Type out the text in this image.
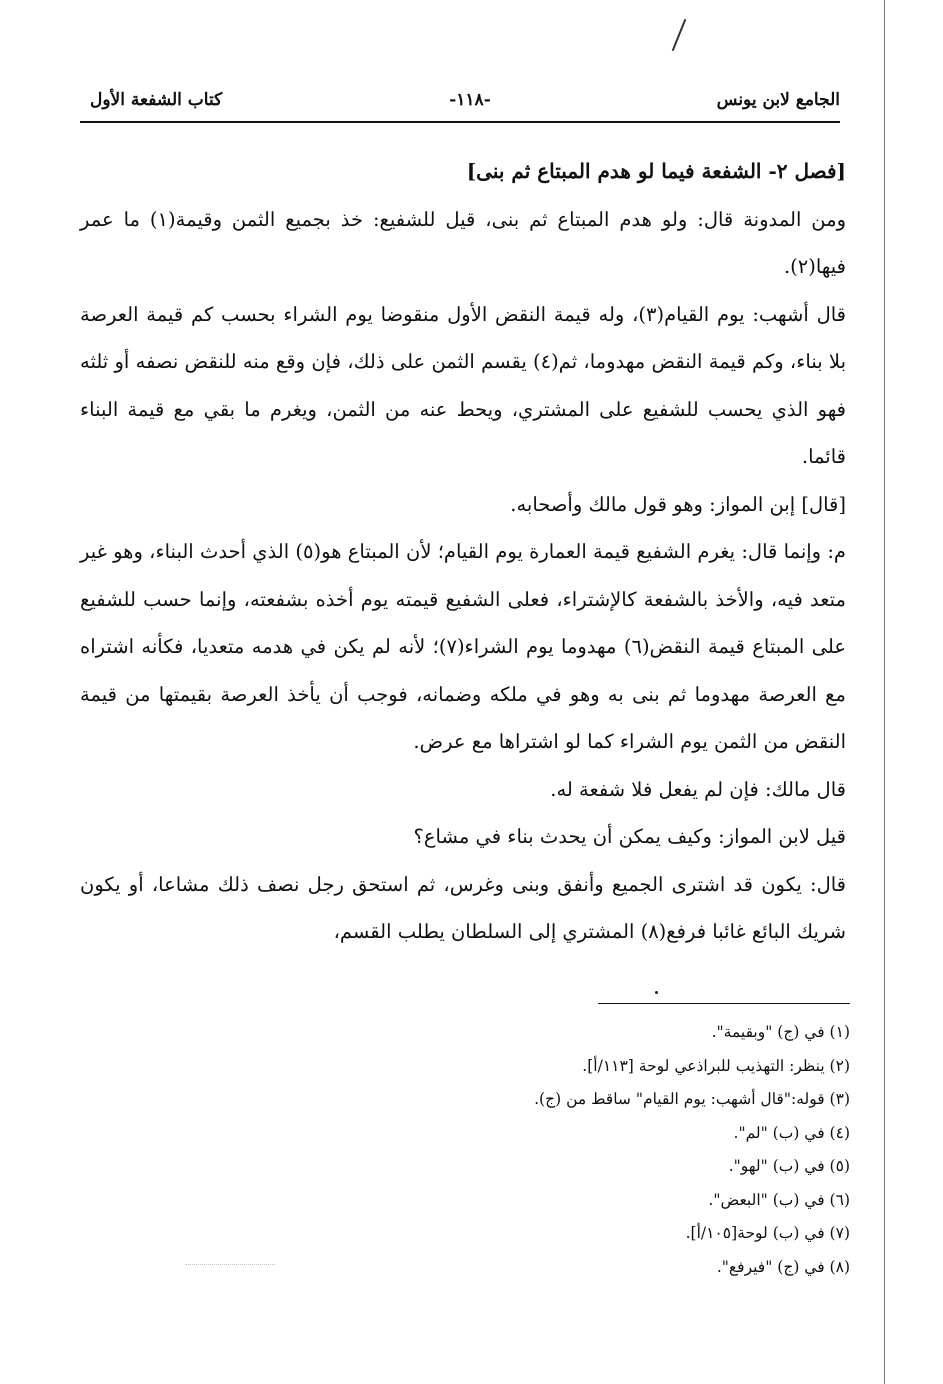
الجامع لابن يونس
-١١٨-
كتاب الشفعة الأول

[فصل ٢- الشفعة فيما لو هدم المبتاع ثم بنى]

ومن المدونة قال: ولو هدم المبتاع ثم بنى، قيل للشفيع: خذ بجميع الثمن وقيمة(١) ما عمر فيها(٢).

قال أشهب: يوم القيام(٣)، وله قيمة النقض الأول منقوضا يوم الشراء بحسب كم قيمة العرصة بلا بناء، وكم قيمة النقض مهدوما، ثم(٤) يقسم الثمن على ذلك، فإن وقع منه للنقض نصفه أو ثلثه فهو الذي يحسب للشفيع على المشتري، ويحط عنه من الثمن، ويغرم ما بقي مع قيمة البناء قائما.

[قال] إبن المواز: وهو قول مالك وأصحابه.

م: وإنما قال: يغرم الشفيع قيمة العمارة يوم القيام؛ لأن المبتاع هو(٥) الذي أحدث البناء، وهو غير متعد فيه، والأخذ بالشفعة كالإشتراء، فعلى الشفيع قيمته يوم أخذه بشفعته، وإنما حسب للشفيع على المبتاع قيمة النقض(٦) مهدوما يوم الشراء(٧)؛ لأنه لم يكن في هدمه متعديا، فكأنه اشتراه مع العرصة مهدوما ثم بنى به وهو في ملكه وضمانه، فوجب أن يأخذ العرصة بقيمتها من قيمة النقض من الثمن يوم الشراء كما لو اشتراها مع عرض.

قال مالك: فإن لم يفعل فلا شفعة له.

قيل لابن المواز: وكيف يمكن أن يحدث بناء في مشاع؟

قال: يكون قد اشترى الجميع وأنفق وبنى وغرس، ثم استحق رجل نصف ذلك مشاعا، أو يكون شريك البائع غائبا فرفع(٨) المشتري إلى السلطان يطلب القسم،

(١) في (ج) "وبقيمة".
(٢) ينظر: التهذيب للبراذعي لوحة [١١٣/أ].
(٣) قوله:"قال أشهب: يوم القيام" ساقط من (ج).
(٤) في (ب) "لم".
(٥) في (ب) "لهو".
(٦) في (ب) "البعض".
(٧) في (ب) لوحة[١٠٥/أ].
(٨) في (ج) "فيرفع".
